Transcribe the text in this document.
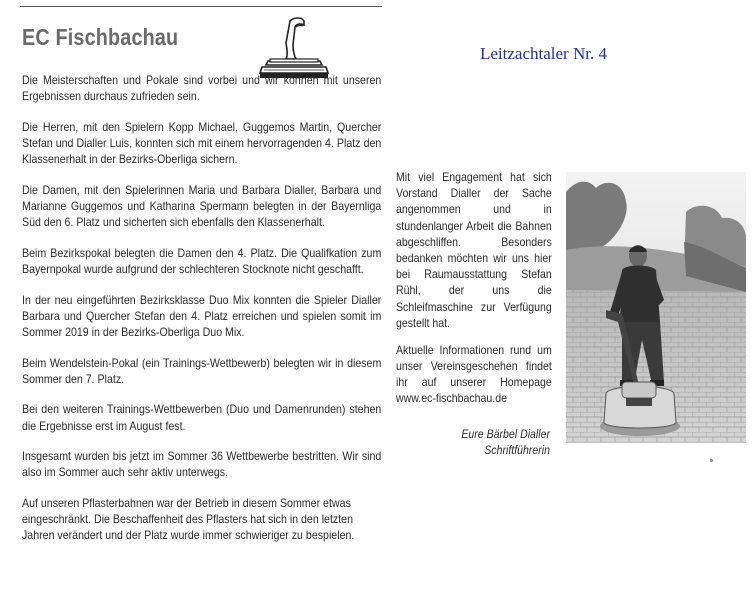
EC Fischbachau

Die Meisterschaften und Pokale sind vorbei und wir können mit unseren Ergebnissen durchaus zufrieden sein.

Die Herren, mit den Spielern Kopp Michael, Guggemos Martin, Quercher Stefan und Dialler Luis, konnten sich mit einem hervorragenden 4. Platz den Klassenerhalt in der Bezirks-Oberliga sichern.

Die Damen, mit den Spielerinnen Maria und Barbara Dialler, Barbara und Marianne Guggemos und Katharina Spermann belegten in der Bayernliga Süd den 6. Platz und sicherten sich ebenfalls den Klassenerhalt.

Beim Bezirkspokal belegten die Damen den 4. Platz. Die Qualifkation zum Bayernpokal wurde aufgrund der schlechteren Stocknote nicht geschafft.

In der neu eingeführten Bezirksklasse Duo Mix konnten die Spieler Dialler Barbara und Quercher Stefan den 4. Platz erreichen und spielen somit im Sommer 2019 in der Bezirks-Oberliga Duo Mix.

Beim Wendelstein-Pokal (ein Trainings-Wettbewerb) belegten wir in diesem Sommer den 7. Platz.

Bei den weiteren Trainings-Wettbewerben (Duo und Damenrunden) stehen die Ergebnisse erst im August fest.

Insgesamt wurden bis jetzt im Sommer 36 Wettbewerbe bestritten. Wir sind also im Sommer auch sehr aktiv unterwegs.

Auf unseren Pflasterbahnen war der Betrieb in diesem Sommer etwas eingeschränkt. Die Beschaffenheit des Pflasters hat sich in den letzten Jahren verändert und der Platz wurde immer schwieriger zu bespielen.

Leitzachtaler Nr. 4

Mit viel Engagement hat sich Vorstand Dialler der Sache angenommen und in stundenlanger Arbeit die Bahnen abgeschliffen. Besonders bedanken möchten wir uns hier bei Raumausstattung Stefan Rühl, der uns die Schleifmaschine zur Verfügung gestellt hat.

Aktuelle Informationen rund um unser Vereinsgeschehen findet ihr auf unserer Homepage www.ec-fischbachau.de

Eure Bärbel Dialler
Schriftführerin
